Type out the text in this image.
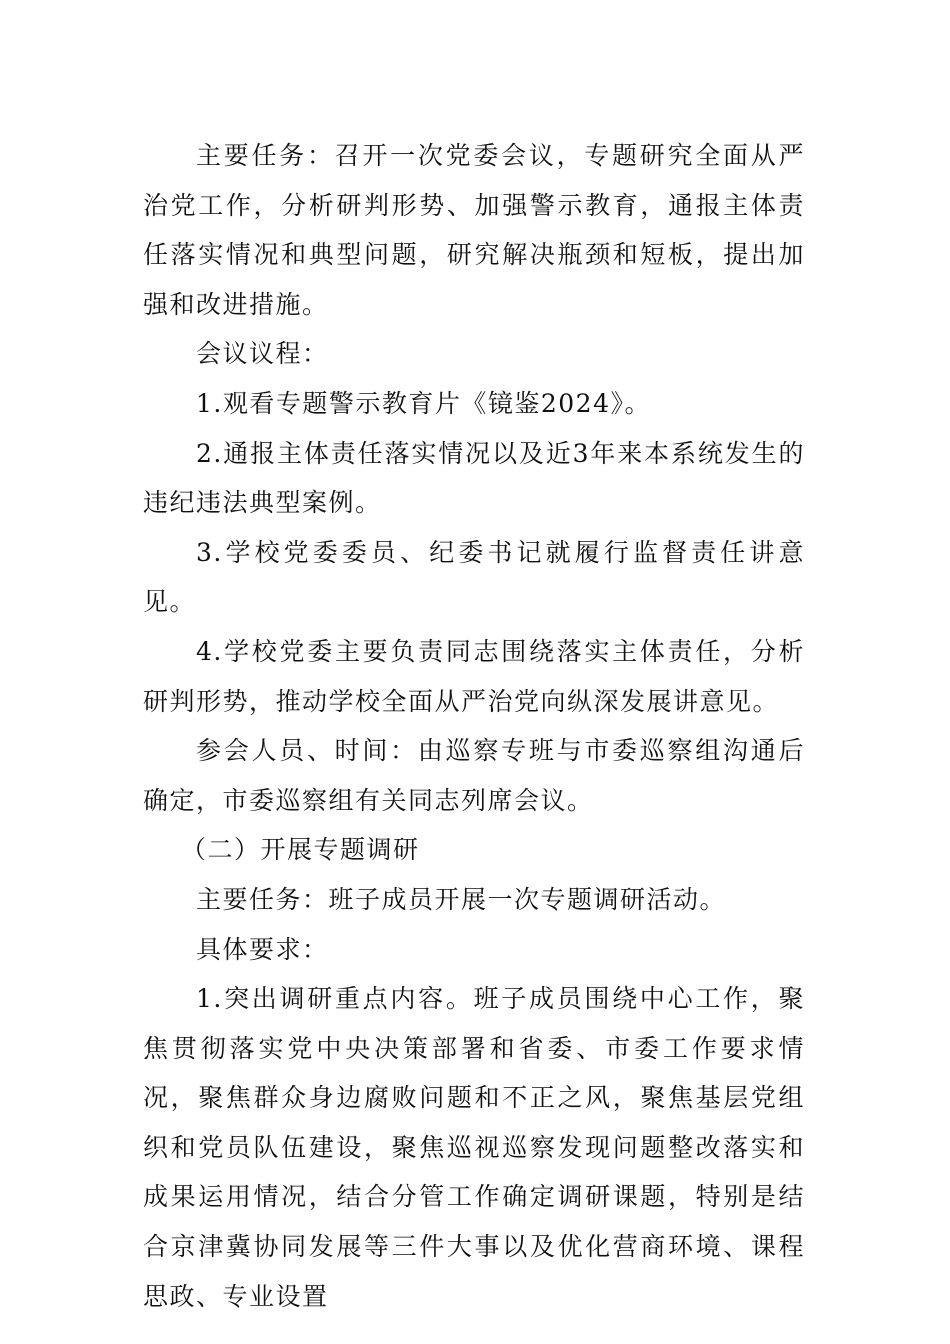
主要任务：召开一次党委会议，专题研究全面从严治党工作，分析研判形势、加强警示教育，通报主体责任落实情况和典型问题，研究解决瓶颈和短板，提出加强和改进措施。

会议议程：

1.观看专题警示教育片《镜鉴2024》。

2.通报主体责任落实情况以及近3年来本系统发生的违纪违法典型案例。

3.学校党委委员、纪委书记就履行监督责任讲意见。

4.学校党委主要负责同志围绕落实主体责任，分析研判形势，推动学校全面从严治党向纵深发展讲意见。

参会人员、时间：由巡察专班与市委巡察组沟通后确定，市委巡察组有关同志列席会议。

（二）开展专题调研

主要任务：班子成员开展一次专题调研活动。

具体要求：

1.突出调研重点内容。班子成员围绕中心工作，聚焦贯彻落实党中央决策部署和省委、市委工作要求情况，聚焦群众身边腐败问题和不正之风，聚焦基层党组织和党员队伍建设，聚焦巡视巡察发现问题整改落实和成果运用情况，结合分管工作确定调研课题，特别是结合京津冀协同发展等三件大事以及优化营商环境、课程思政、专业设置
